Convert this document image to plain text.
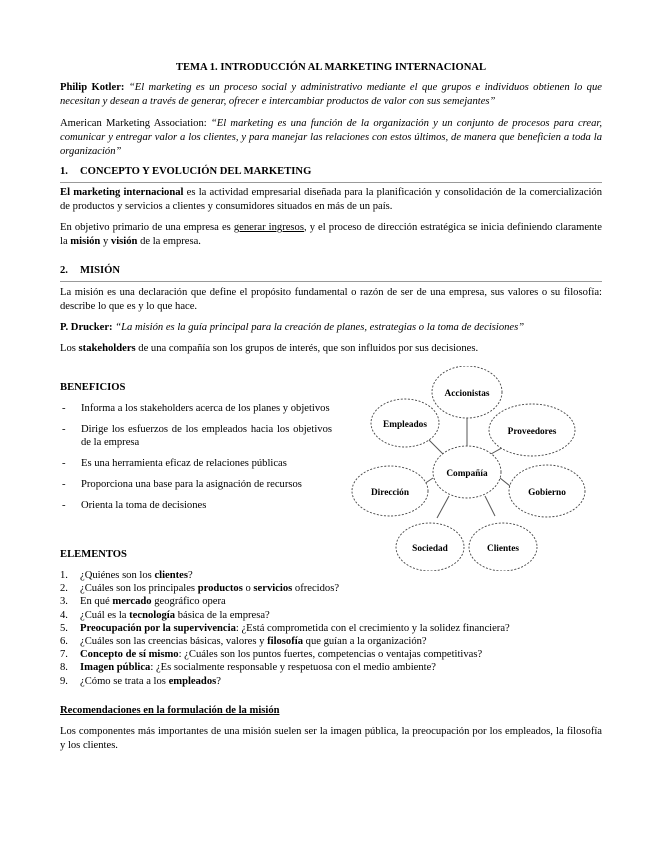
TEMA 1. INTRODUCCIÓN AL MARKETING INTERNACIONAL
Philip Kotler: “El marketing es un proceso social y administrativo mediante el que grupos e individuos obtienen lo que necesitan y desean a través de generar, ofrecer e intercambiar productos de valor con sus semejantes”
American Marketing Association: “El marketing es una función de la organización y un conjunto de procesos para crear, comunicar y entregar valor a los clientes, y para manejar las relaciones con estos últimos, de manera que beneficien a toda la organización”
1. CONCEPTO Y EVOLUCIÓN DEL MARKETING
El marketing internacional es la actividad empresarial diseñada para la planificación y consolidación de la comercialización de productos y servicios a clientes y consumidores situados en más de un país.
En objetivo primario de una empresa es generar ingresos, y el proceso de dirección estratégica se inicia definiendo claramente la misión y visión de la empresa.
2. MISIÓN
La misión es una declaración que define el propósito fundamental o razón de ser de una empresa, sus valores o su filosofía: describe lo que es y lo que hace.
P. Drucker: “La misión es la guía principal para la creación de planes, estrategias o la toma de decisiones”
Los stakeholders de una compañía son los grupos de interés, que son influidos por sus decisiones.
BENEFICIOS
- Informa a los stakeholders acerca de los planes y objetivos
- Dirige los esfuerzos de los empleados hacia los objetivos de la empresa
- Es una herramienta eficaz de relaciones públicas
- Proporciona una base para la asignación de recursos
- Orienta la toma de decisiones
Compañía
Accionistas
Proveedores
Gobierno
Clientes
Sociedad
Dirección
Empleados
ELEMENTOS
1. ¿Quiénes son los clientes?
2. ¿Cuáles son los principales productos o servicios ofrecidos?
3. En qué mercado geográfico opera
4. ¿Cuál es la tecnología básica de la empresa?
5. Preocupación por la supervivencia: ¿Está comprometida con el crecimiento y la solidez financiera?
6. ¿Cuáles son las creencias básicas, valores y filosofía que guían a la organización?
7. Concepto de sí mismo: ¿Cuáles son los puntos fuertes, competencias o ventajas competitivas?
8. Imagen pública: ¿Es socialmente responsable y respetuosa con el medio ambiente?
9. ¿Cómo se trata a los empleados?
Recomendaciones en la formulación de la misión
Los componentes más importantes de una misión suelen ser la imagen pública, la preocupación por los empleados, la filosofía y los clientes.
